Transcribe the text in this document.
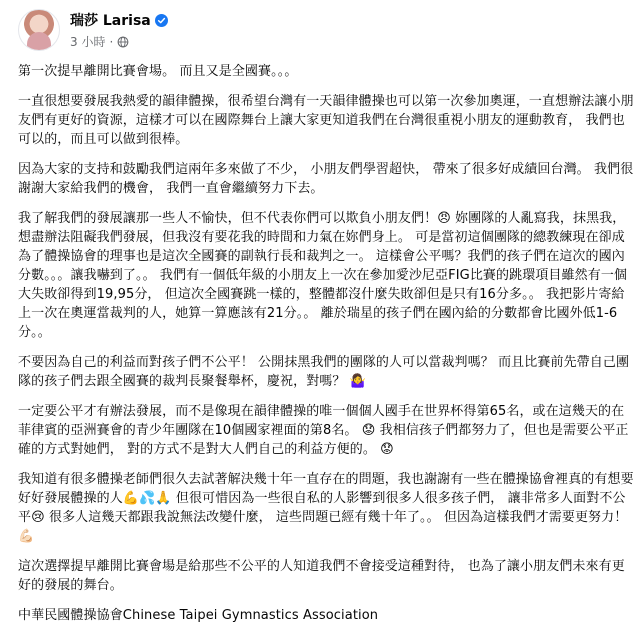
瑞莎 Larisa
3 小時 ·

第一次提早離開比賽會場。 而且又是全國賽。。。

一直很想要發展我熱愛的韻律體操，很希望台灣有一天韻律體操也可以第一次參加奧運，一直想辦法讓小朋友們有更好的資源，這樣才可以在國際舞台上讓大家更知道我們在台灣很重視小朋友的運動教育， 我們也可以的，而且可以做到很棒。

因為大家的支持和鼓勵我們這兩年多來做了不少， 小朋友們學習超快， 帶來了很多好成績回台灣。 我們很謝謝大家給我們的機會， 我們一直會繼續努力下去。

我了解我們的發展讓那一些人不愉快，但不代表你們可以欺負小朋友們！😠 妳團隊的人亂寫我，抹黑我，想盡辦法阻礙我們發展，但我沒有要花我的時間和力氣在妳們身上。 可是當初這個團隊的總教練現在卻成為了體操協會的理事也是這次全國賽的副執行長和裁判之一。 這樣會公平嗎？我們的孩子們在這次的國內分數。。。讓我嚇到了。。 我們有一個低年級的小朋友上一次在參加愛沙尼亞FIG比賽的跳環項目雖然有一個大失敗卻得到19,95分， 但這次全國賽跳一樣的，整體都沒什麼失敗卻但是只有16分多。。 我把影片寄給上一次在奧運當裁判的人，她算一算應該有21分。。 離於瑞星的孩子們在國內給的分數都會比國外低1-6分。。

不要因為自己的利益而對孩子們不公平！ 公開抹黑我們的團隊的人可以當裁判嗎？ 而且比賽前先帶自己團隊的孩子們去跟全國賽的裁判長聚餐舉杯，慶祝，對嗎？ 🤷‍♀️

一定要公平才有辦法發展，而不是像現在韻律體操的唯一個個人國手在世界杯得第65名，或在這幾天的在菲律賓的亞洲賽會的青少年團隊在10個國家裡面的第8名。 😟 我相信孩子們都努力了，但也是需要公平正確的方式對她們， 對的方式不是對大人們自己的利益方便的。 😟

我知道有很多體操老師們很久去試著解決幾十年一直存在的問題，我也謝謝有一些在體操協會裡真的有想要好好發展體操的人💪💦🙏 但很可惜因為一些很自私的人影響到很多人很多孩子們， 讓非常多人面對不公平😢 很多人這幾天都跟我說無法改變什麼， 這些問題已經有幾十年了。。 但因為這樣我們才需要更努力！💪🏻

這次選擇提早離開比賽會場是給那些不公平的人知道我們不會接受這種對待， 也為了讓小朋友們未來有更好的發展的舞台。

中華民國體操協會Chinese Taipei Gymnastics Association
